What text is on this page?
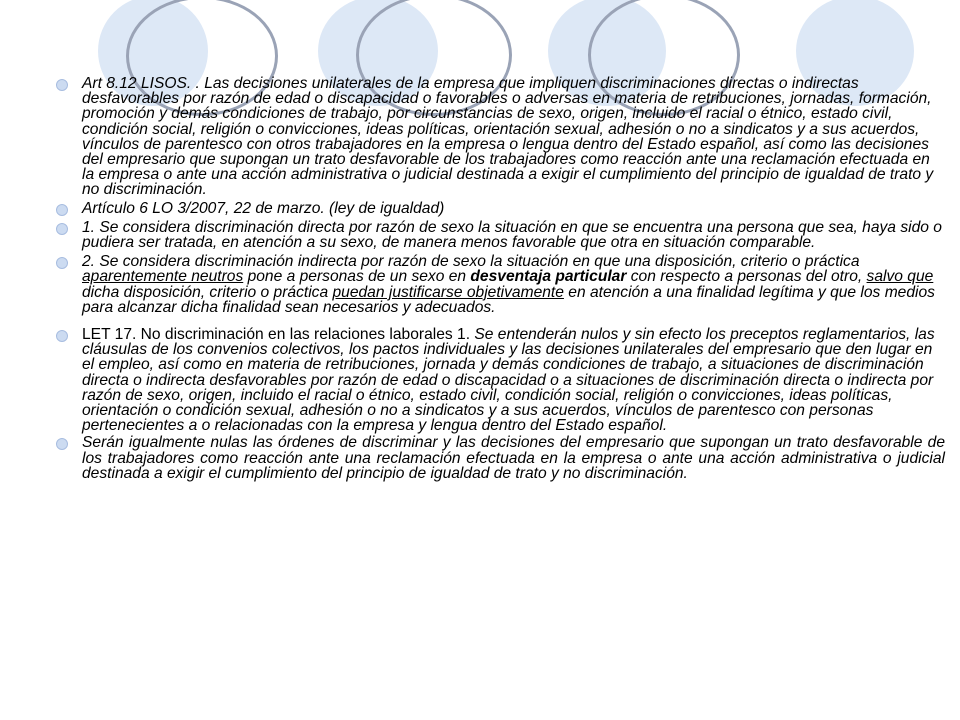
Art 8.12 LISOS. . Las decisiones unilaterales de la empresa que impliquen discriminaciones directas o indirectas desfavorables por razón de edad o discapacidad o favorables o adversas en materia de retribuciones, jornadas, formación, promoción y demás condiciones de trabajo, por circunstancias de sexo, origen, incluido el racial o étnico, estado civil, condición social, religión o convicciones, ideas políticas, orientación sexual, adhesión o no a sindicatos y a sus acuerdos, vínculos de parentesco con otros trabajadores en la empresa o lengua dentro del Estado español, así como las decisiones del empresario que supongan un trato desfavorable de los trabajadores como reacción ante una reclamación efectuada en la empresa o ante una acción administrativa o judicial destinada a exigir el cumplimiento del principio de igualdad de trato y no discriminación.
Artículo 6 LO 3/2007, 22 de marzo. (ley de igualdad)
1. Se considera discriminación directa por razón de sexo la situación en que se encuentra una persona que sea, haya sido o pudiera ser tratada, en atención a su sexo, de manera menos favorable que otra en situación comparable.
2. Se considera discriminación indirecta por razón de sexo la situación en que una disposición, criterio o práctica aparentemente neutros pone a personas de un sexo en desventaja particular con respecto a personas del otro, salvo que dicha disposición, criterio o práctica puedan justificarse objetivamente en atención a una finalidad legítima y que los medios para alcanzar dicha finalidad sean necesarios y adecuados.
LET 17. No discriminación en las relaciones laborales 1. Se entenderán nulos y sin efecto los preceptos reglamentarios, las cláusulas de los convenios colectivos, los pactos individuales y las decisiones unilaterales del empresario que den lugar en el empleo, así como en materia de retribuciones, jornada y demás condiciones de trabajo, a situaciones de discriminación directa o indirecta desfavorables por razón de edad o discapacidad o a situaciones de discriminación directa o indirecta por razón de sexo, origen, incluido el racial o étnico, estado civil, condición social, religión o convicciones, ideas políticas, orientación o condición sexual, adhesión o no a sindicatos y a sus acuerdos, vínculos de parentesco con personas pertenecientes a o relacionadas con la empresa y lengua dentro del Estado español.
Serán igualmente nulas las órdenes de discriminar y las decisiones del empresario que supongan un trato desfavorable de los trabajadores como reacción ante una reclamación efectuada en la empresa o ante una acción administrativa o judicial destinada a exigir el cumplimiento del principio de igualdad de trato y no discriminación.
